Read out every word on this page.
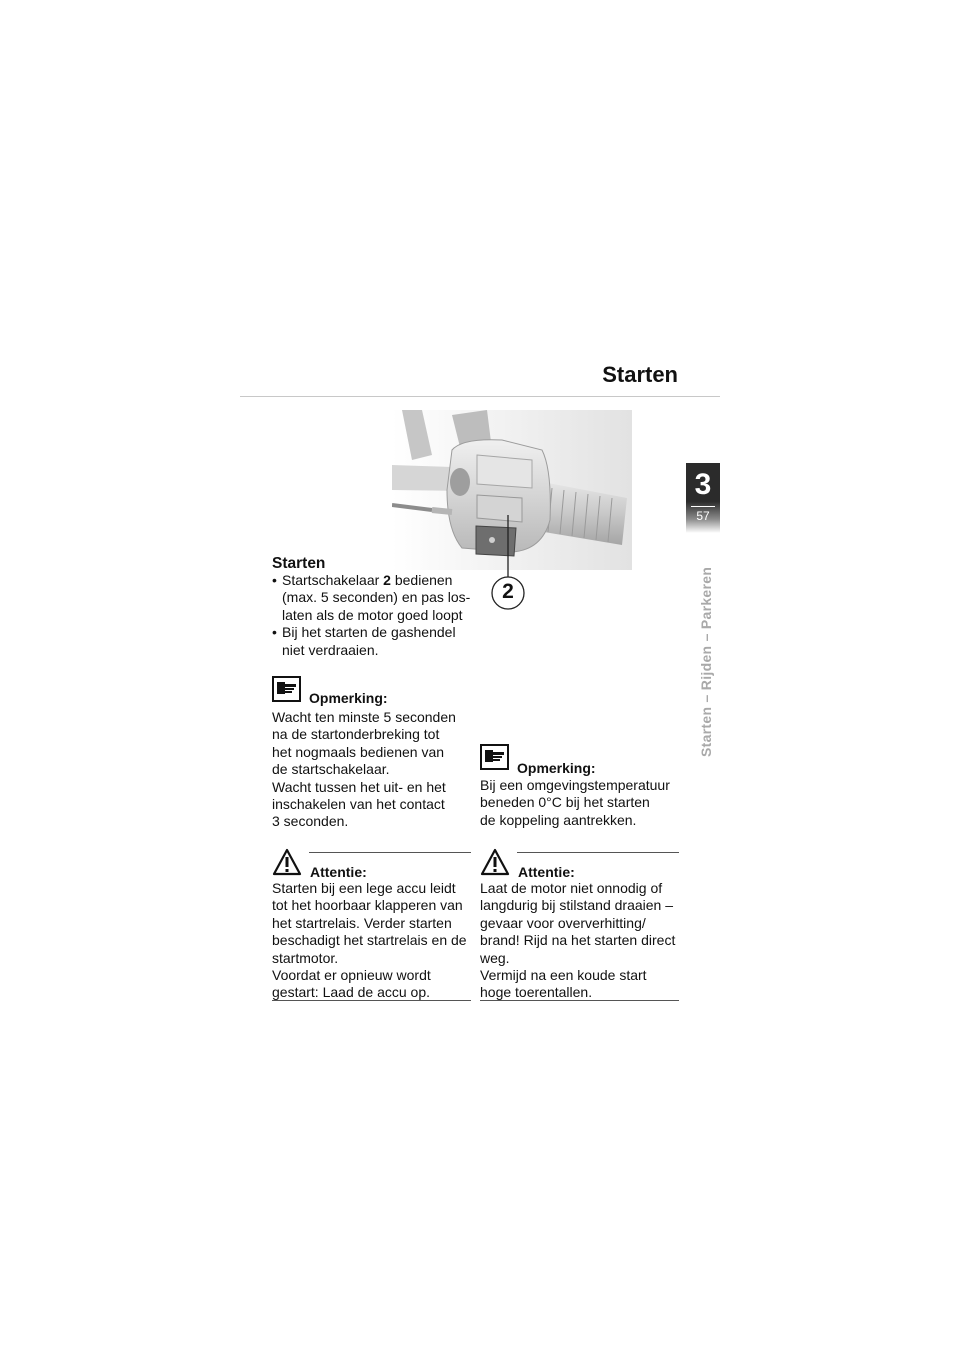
Starten
3
57
Starten – Rijden – Parkeren
2
Starten
• Startschakelaar 2 bedienen
(max. 5 seconden) en pas los-
laten als de motor goed loopt
• Bij het starten de gashendel
niet verdraaien.
Opmerking:
Wacht ten minste 5 seconden
na de startonderbreking tot
het nogmaals bedienen van
de startschakelaar.
Wacht tussen het uit- en het
inschakelen van het contact
3 seconden.
Opmerking:
Bij een omgevingstemperatuur
beneden 0°C bij het starten
de koppeling aantrekken.
Attentie:
Starten bij een lege accu leidt
tot het hoorbaar klapperen van
het startrelais. Verder starten
beschadigt het startrelais en de
startmotor.
Voordat er opnieuw wordt
gestart: Laad de accu op.
Attentie:
Laat de motor niet onnodig of
langdurig bij stilstand draaien –
gevaar voor oververhitting/
brand! Rijd na het starten direct
weg.
Vermijd na een koude start
hoge toerentallen.
